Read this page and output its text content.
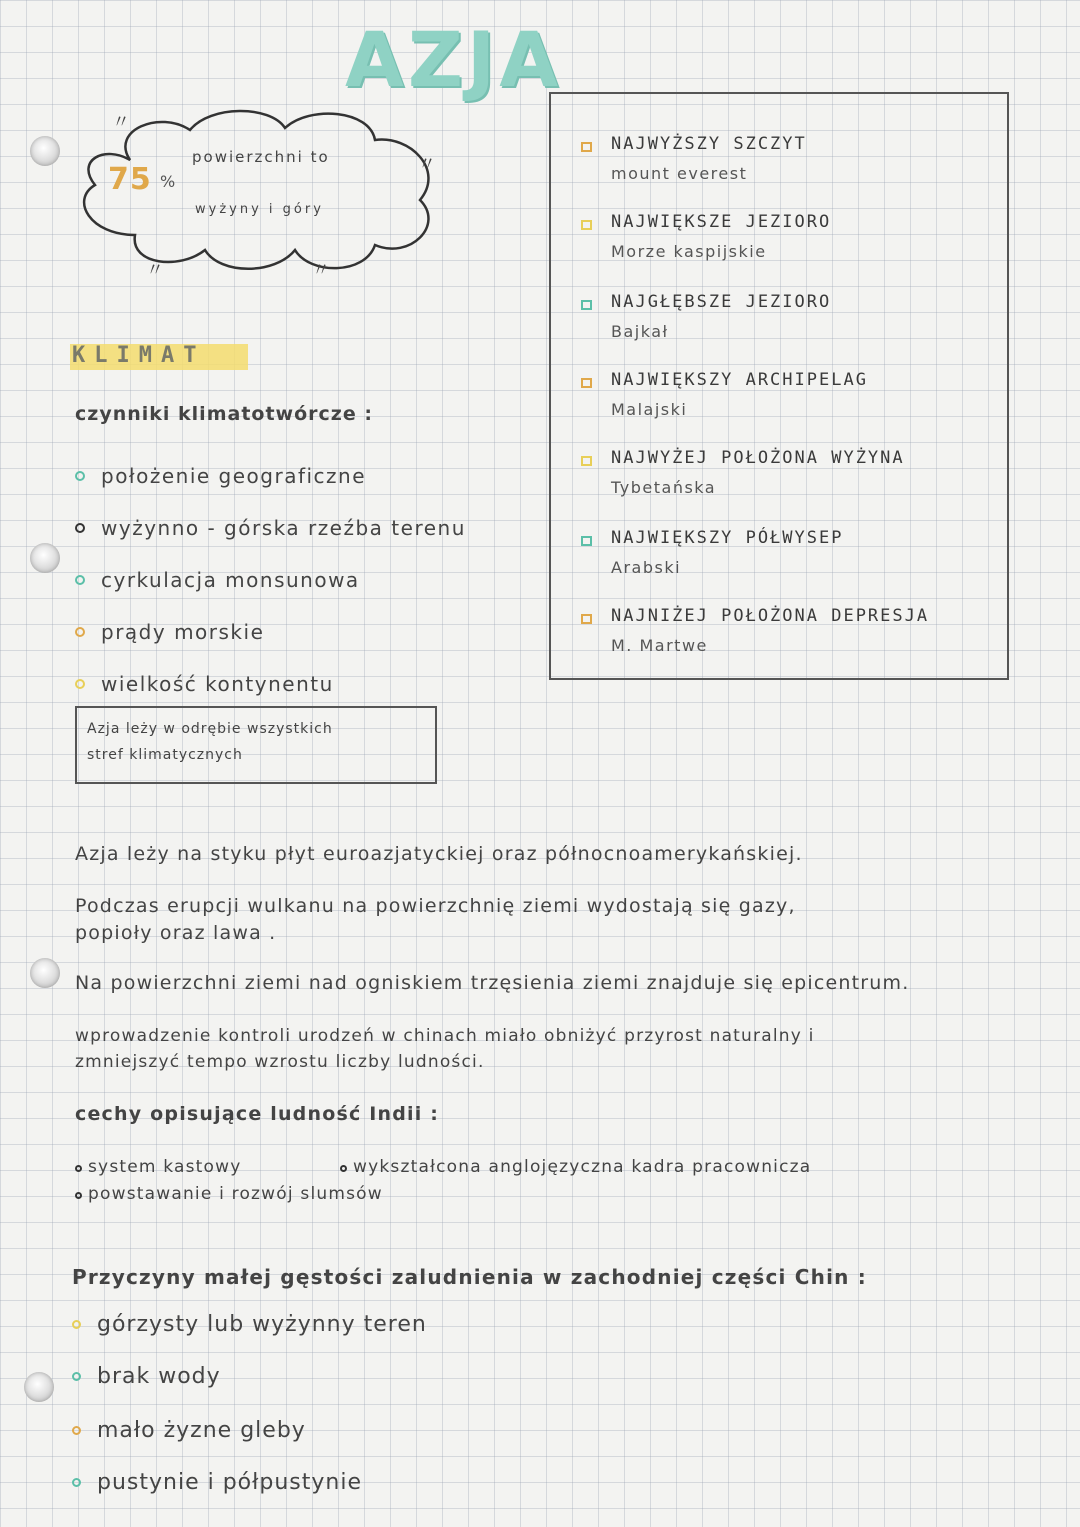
AZJA
〃
〃
〃	〃
75 %
powierzchni to
wyżyny i góry
KLIMAT
czynniki klimatotwórcze :
położenie geograficzne
wyżynno - górska rzeźba terenu
cyrkulacja monsunowa
prądy morskie
wielkość kontynentu
Azja leży w odrębie wszystkich
stref klimatycznych
NAJWYŻSZY SZCZYT
mount everest
NAJWIĘKSZE JEZIORO
Morze kaspijskie
NAJGŁĘBSZE JEZIORO
Bajkał
NAJWIĘKSZY ARCHIPELAG
Malajski
NAJWYŻEJ POŁOŻONA WYŻYNA
Tybetańska
NAJWIĘKSZY PÓŁWYSEP
Arabski
NAJNIŻEJ POŁOŻONA DEPRESJA
M. Martwe
Azja leży na styku płyt euroazjatyckiej oraz północnoamerykańskiej.
Podczas erupcji wulkanu na powierzchnię ziemi wydostają się gazy,
popioły oraz lawa .
Na powierzchni ziemi nad ogniskiem trzęsienia ziemi znajduje się epicentrum.
wprowadzenie kontroli urodzeń w chinach miało obniżyć przyrost naturalny i
zmniejszyć tempo wzrostu liczby ludności.
cechy opisujące ludność Indii :
system kastowy	wykształcona anglojęzyczna kadra pracownicza
powstawanie i rozwój slumsów
Przyczyny małej gęstości zaludnienia w zachodniej części Chin :
górzysty lub wyżynny teren
brak wody
mało żyzne gleby
pustynie i półpustynie
